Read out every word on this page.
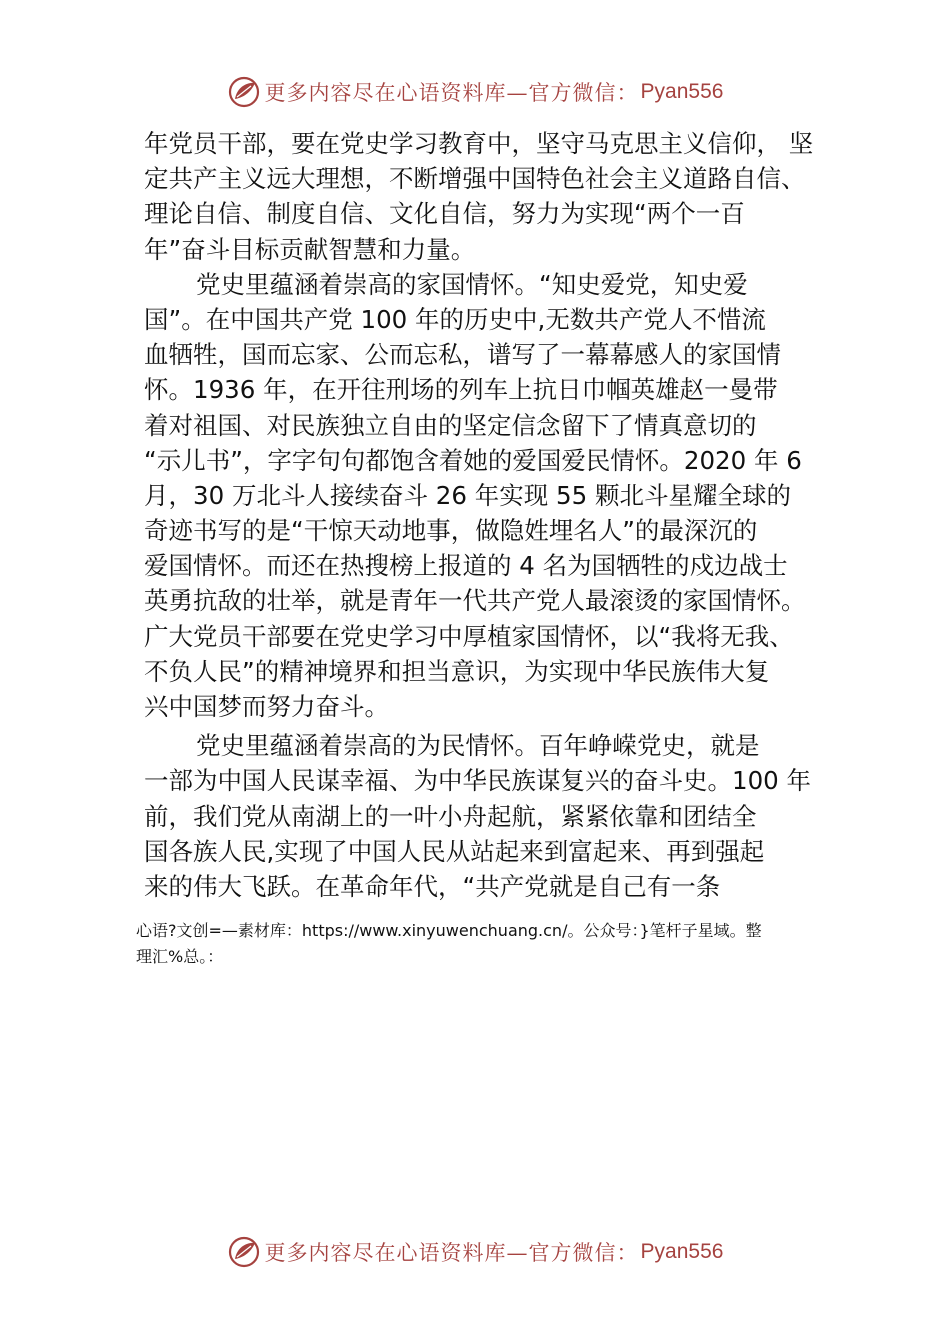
更多内容尽在心语资料库—官方微信： Pyan556
年党员干部，要在党史学习教育中，坚守马克思主义信仰， 坚
定共产主义远大理想，不断增强中国特色社会主义道路自信、
理论自信、制度自信、文化自信，努力为实现“两个一百
年”奋斗目标贡献智慧和力量。
党史里蕴涵着崇高的家国情怀。“知史爱党，知史爱
国”。在中国共产党 100 年的历史中,无数共产党人不惜流
血牺牲，国而忘家、公而忘私，谱写了一幕幕感人的家国情
怀。1936 年，在开往刑场的列车上抗日巾帼英雄赵一曼带
着对祖国、对民族独立自由的坚定信念留下了情真意切的
“示儿书”，字字句句都饱含着她的爱国爱民情怀。2020 年 6
月，30 万北斗人接续奋斗 26 年实现 55 颗北斗星耀全球的
奇迹书写的是“干惊天动地事，做隐姓埋名人”的最深沉的
爱国情怀。而还在热搜榜上报道的 4 名为国牺牲的戍边战士
英勇抗敌的壮举，就是青年一代共产党人最滚烫的家国情怀。
广大党员干部要在党史学习中厚植家国情怀，以“我将无我、
不负人民”的精神境界和担当意识，为实现中华民族伟大复
兴中国梦而努力奋斗。
党史里蕴涵着崇高的为民情怀。百年峥嵘党史，就是
一部为中国人民谋幸福、为中华民族谋复兴的奋斗史。100 年
前，我们党从南湖上的一叶小舟起航，紧紧依靠和团结全
国各族人民,实现了中国人民从站起来到富起来、再到强起
来的伟大飞跃。在革命年代，“共产党就是自己有一条
心语?文创=—素材库：https://www.xinyuwenchuang.cn/。公众号：}笔杆子星域。整
理汇%总。：
更多内容尽在心语资料库—官方微信： Pyan556
